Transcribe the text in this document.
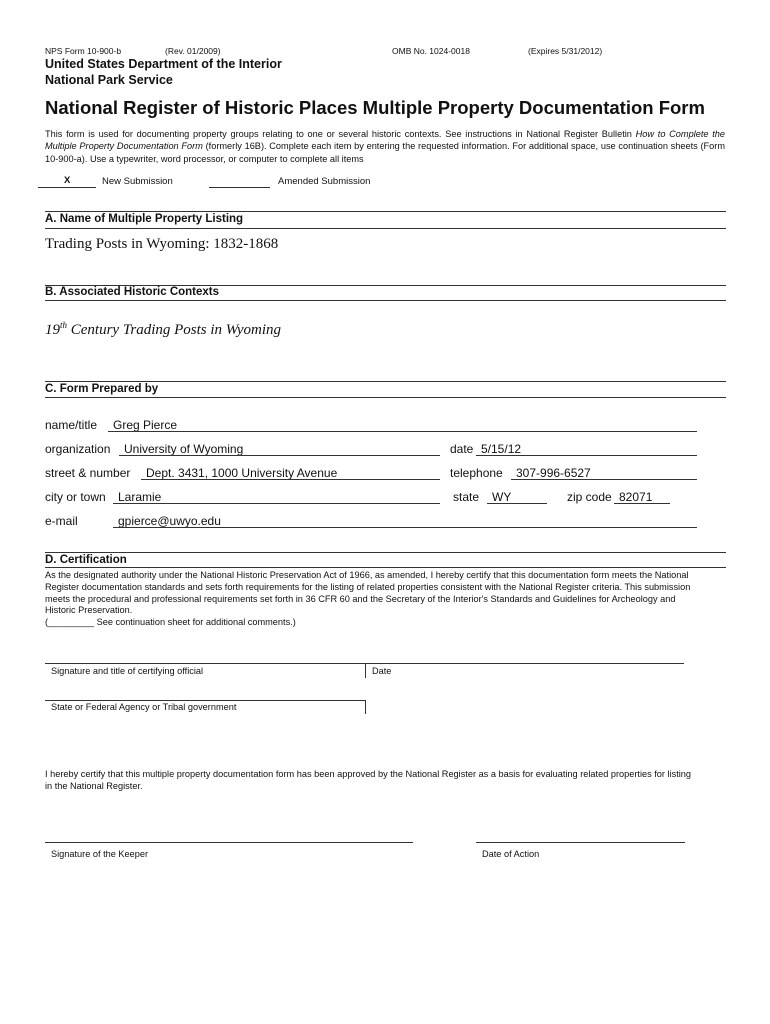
NPS Form 10-900-b	(Rev. 01/2009)	OMB No. 1024-0018	(Expires 5/31/2012)
United States Department of the Interior
National Park Service
National Register of Historic Places Multiple Property Documentation Form
This form is used for documenting property groups relating to one or several historic contexts. See instructions in National Register Bulletin How to Complete the Multiple Property Documentation Form (formerly 16B). Complete each item by entering the requested information. For additional space, use continuation sheets (Form 10-900-a). Use a typewriter, word processor, or computer to complete all items
X	New Submission	Amended Submission
A. Name of Multiple Property Listing
Trading Posts in Wyoming: 1832-1868
B. Associated Historic Contexts
19th Century Trading Posts in Wyoming
C. Form Prepared by
name/title Greg Pierce
organization University of Wyoming	date 5/15/12
street & number Dept. 3431, 1000 University Avenue	telephone 307-996-6527
city or town Laramie	state WY	zip code 82071
e-mail	gpierce@uwyo.edu
D. Certification
As the designated authority under the National Historic Preservation Act of 1966, as amended, I hereby certify that this documentation form meets the National Register documentation standards and sets forth requirements for the listing of related properties consistent with the National Register criteria. This submission meets the procedural and professional requirements set forth in 36 CFR 60 and the Secretary of the Interior's Standards and Guidelines for Archeology and Historic Preservation.
(_________ See continuation sheet for additional comments.)
Signature and title of certifying official	Date
State or Federal Agency or Tribal government
I hereby certify that this multiple property documentation form has been approved by the National Register as a basis for evaluating related properties for listing in the National Register.
Signature of the Keeper	Date of Action
